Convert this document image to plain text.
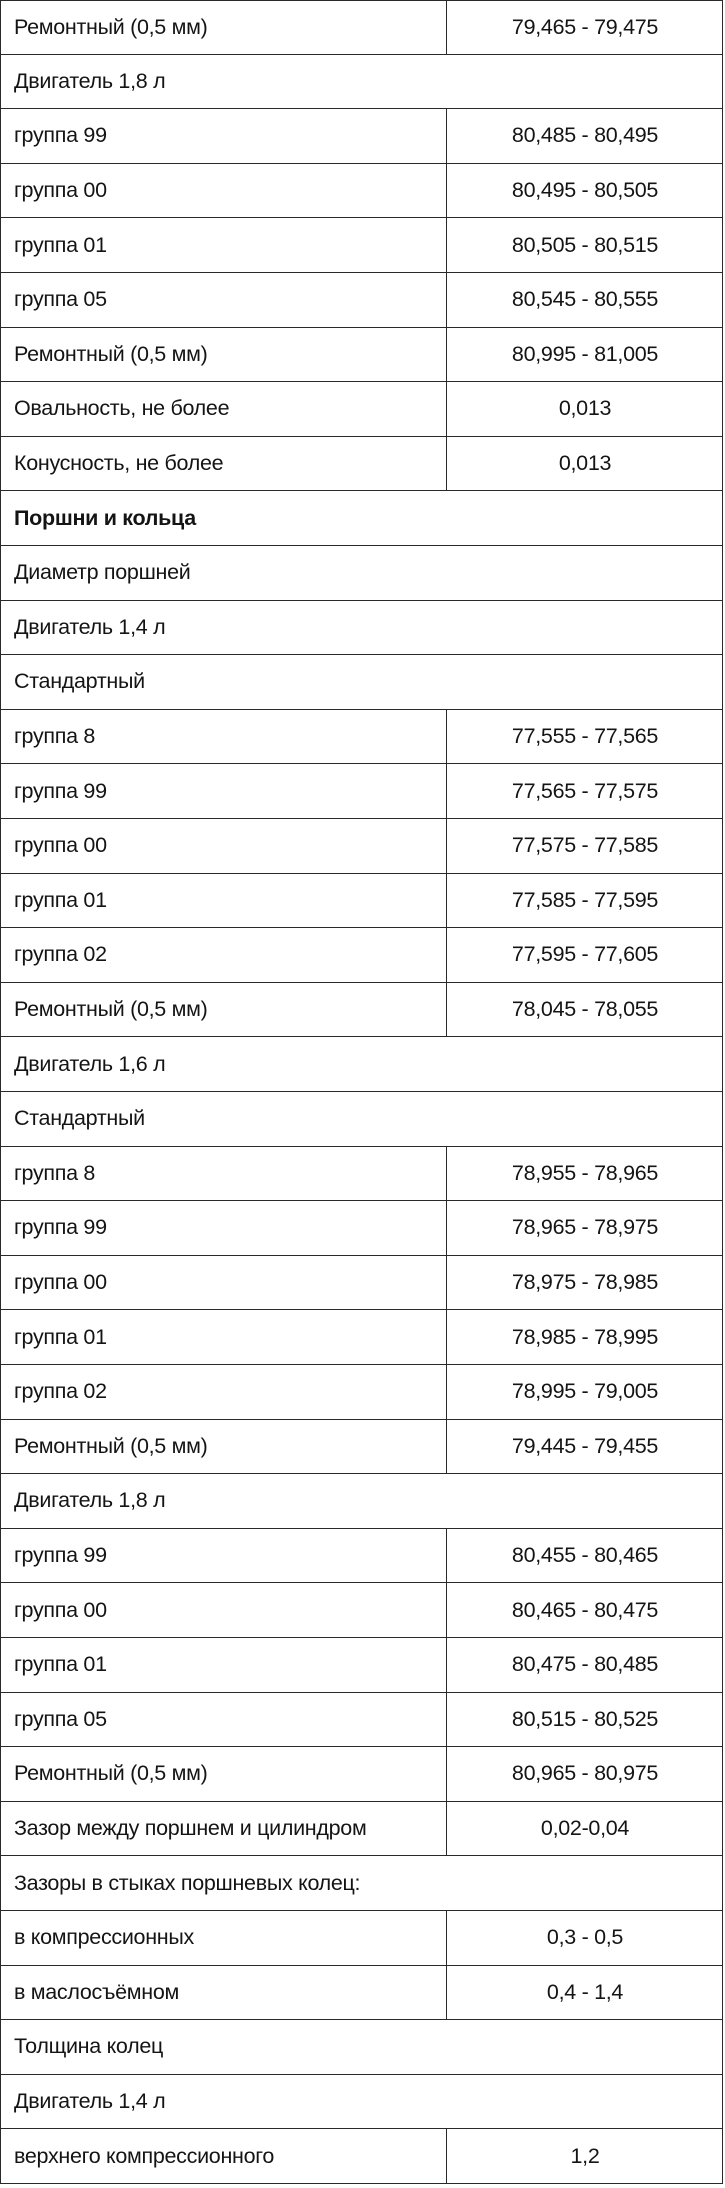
Ремонтный (0,5 мм)	79,465 - 79,475
Двигатель 1,8 л
группа 99	80,485 - 80,495
группа 00	80,495 - 80,505
группа 01	80,505 - 80,515
группа 05	80,545 - 80,555
Ремонтный (0,5 мм)	80,995 - 81,005
Овальность, не более	0,013
Конусность, не более	0,013
Поршни и кольца
Диаметр поршней
Двигатель 1,4 л
Стандартный
группа 8	77,555 - 77,565
группа 99	77,565 - 77,575
группа 00	77,575 - 77,585
группа 01	77,585 - 77,595
группа 02	77,595 - 77,605
Ремонтный (0,5 мм)	78,045 - 78,055
Двигатель 1,6 л
Стандартный
группа 8	78,955 - 78,965
группа 99	78,965 - 78,975
группа 00	78,975 - 78,985
группа 01	78,985 - 78,995
группа 02	78,995 - 79,005
Ремонтный (0,5 мм)	79,445 - 79,455
Двигатель 1,8 л
группа 99	80,455 - 80,465
группа 00	80,465 - 80,475
группа 01	80,475 - 80,485
группа 05	80,515 - 80,525
Ремонтный (0,5 мм)	80,965 - 80,975
Зазор между поршнем и цилиндром	0,02-0,04
Зазоры в стыках поршневых колец:
в компрессионных	0,3 - 0,5
в маслосъёмном	0,4 - 1,4
Толщина колец
Двигатель 1,4 л
верхнего компрессионного	1,2
